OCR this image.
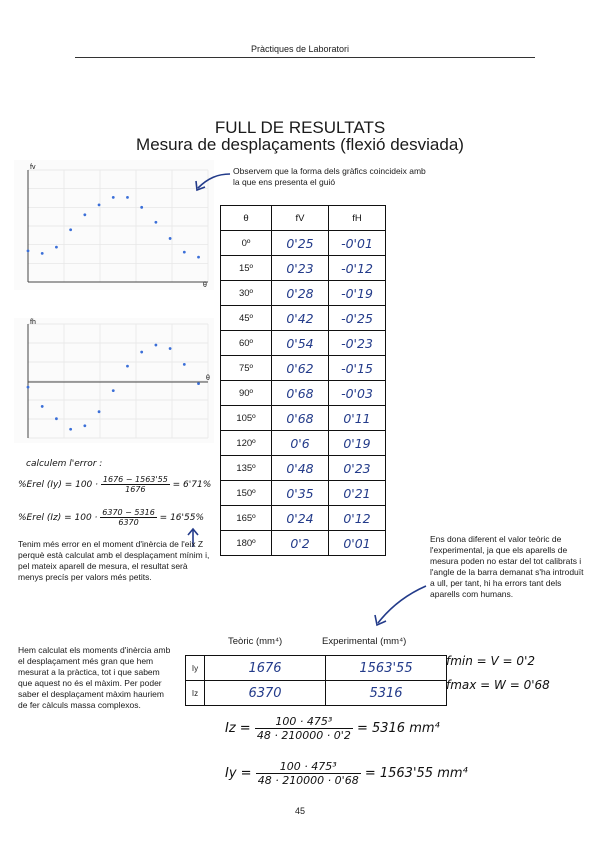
Pràctiques de Laboratori
FULL DE RESULTATS
Mesura de desplaçaments (flexió desviada)
fv
θ
fh
θ
Observem que la forma dels gràfics coincideix amb la que ens presenta el guió
θ	fV	fH
0º	0'25	-0'01
15º	0'23	-0'12
30º	0'28	-0'19
45º	0'42	-0'25
60º	0'54	-0'23
75º	0'62	-0'15
90º	0'68	-0'03
105º	0'68	0'11
120º	0'6	0'19
135º	0'48	0'23
150º	0'35	0'21
165º	0'24	0'12
180º	0'2	0'01
calculem l'error :
%Erel $(Iy) = 100 \cdot \frac{1676 - 1563'55}{1676} = 6'71\%$
%Erel $(Iz) = 100 \cdot \frac{6370 - 5316}{6370} = 16'55\%$
Tenim més error en el moment d'inèrcia de l'eix Z perquè està calculat amb el desplaçament mínim i, pel mateix aparell de mesura, el resultat serà menys precís per valors més petits.
Ens dona diferent el valor teòric de l'experimental, ja que els aparells de mesura poden no estar del tot calibrats i l'angle de la barra demanat s'ha introduït a ull, per tant, hi ha errors tant dels aparells com humans.
Hem calculat els moments d'inèrcia amb el desplaçament més gran que hem mesurat a la pràctica, tot i que sabem que aquest no és el màxim. Per poder saber el desplaçament màxim hauriem de fer càlculs massa complexos.
Teòric (mm⁴)	Experimental (mm⁴)
Iy	1676	1563'55
Iz	6370	5316
fmin = V = 0'2
fmax = W = 0'68
$Iz = \frac{\text{100 · 475³}}{48 \cdot 210000 \cdot 0'2} = 5316$ mm⁴
$Iy = \frac{\text{100 · 475³}}{48 \cdot 210000 \cdot 0'68} = 1563'55$ mm⁴
45
